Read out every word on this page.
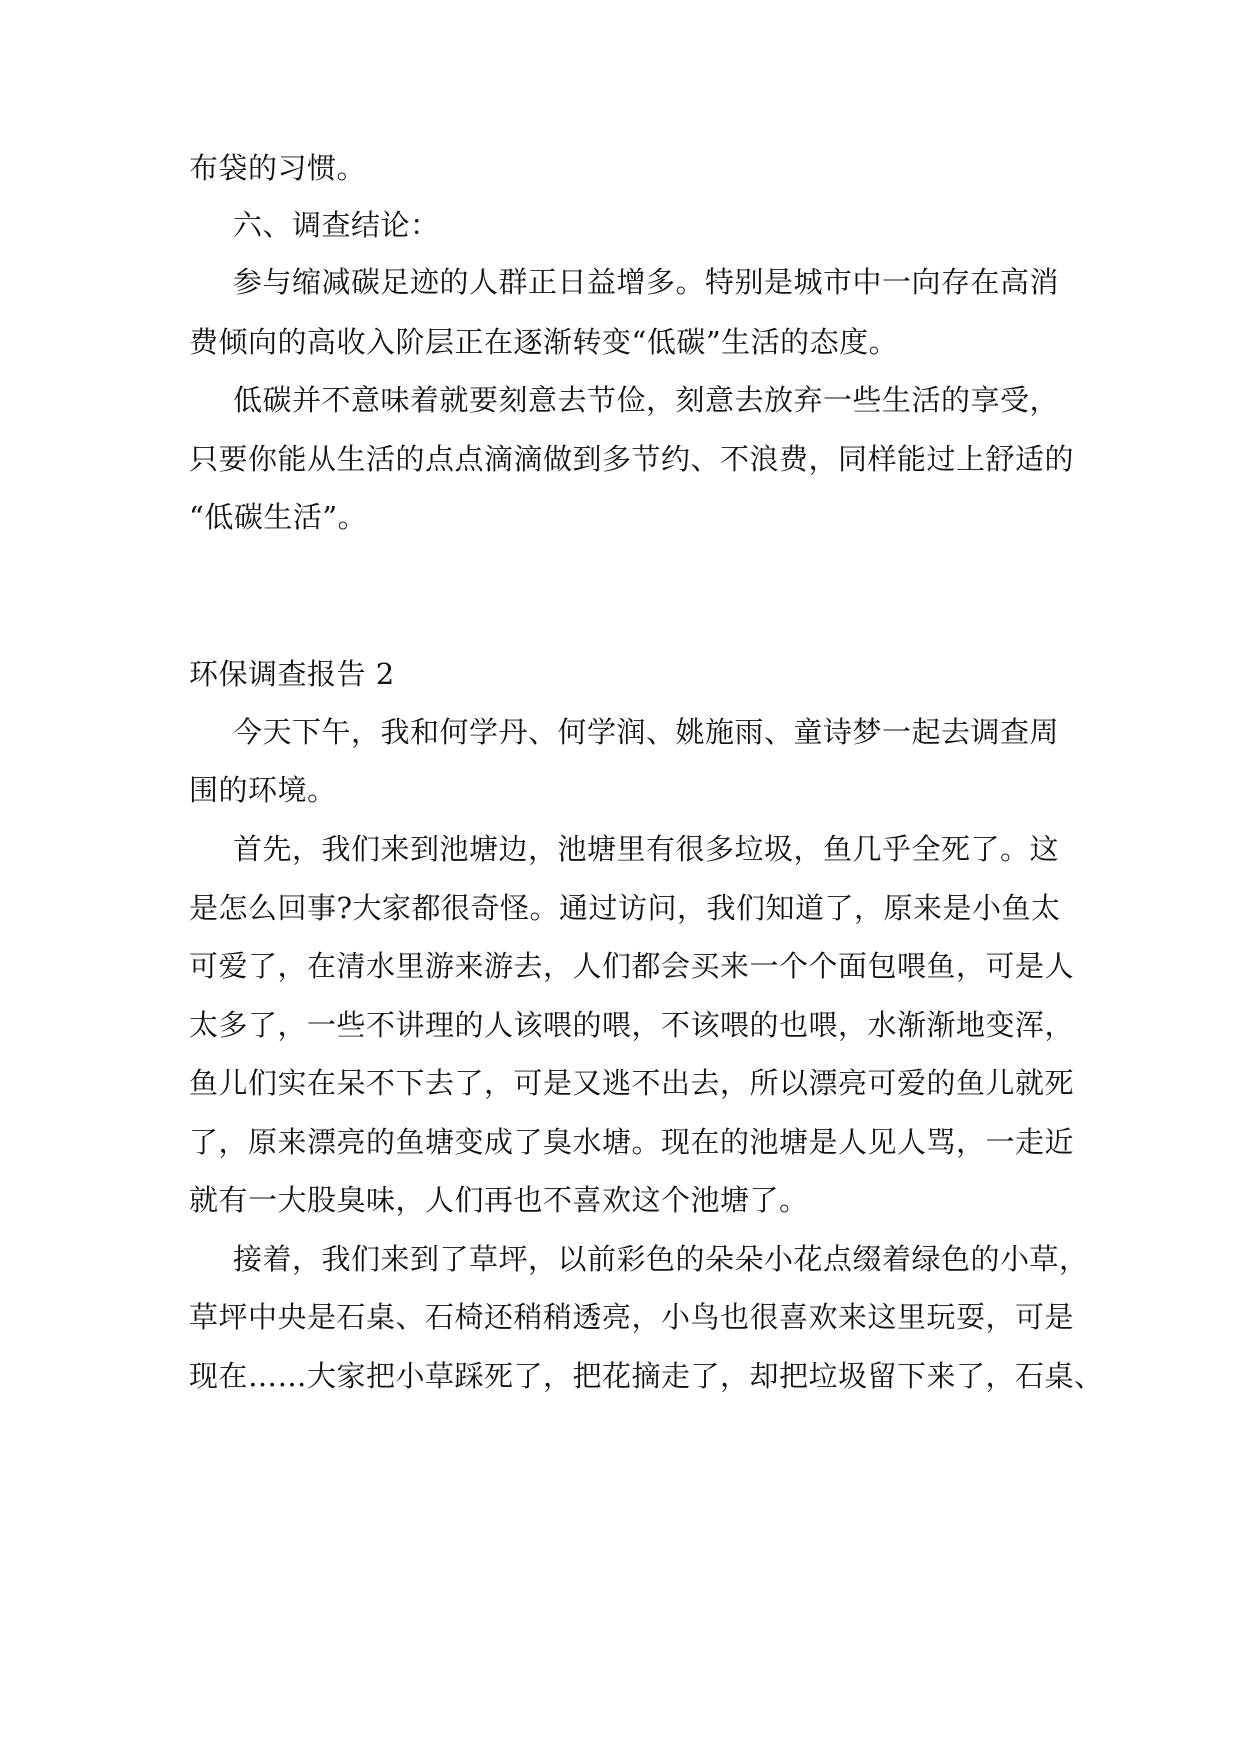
布袋的习惯。
六、调查结论：
参与缩减碳足迹的人群正日益增多。特别是城市中一向存在高消
费倾向的高收入阶层正在逐渐转变“低碳”生活的态度。
低碳并不意味着就要刻意去节俭，刻意去放弃一些生活的享受，
只要你能从生活的点点滴滴做到多节约、不浪费，同样能过上舒适的
“低碳生活”。
环保调查报告 2
今天下午，我和何学丹、何学润、姚施雨、童诗梦一起去调查周
围的环境。
首先，我们来到池塘边，池塘里有很多垃圾，鱼几乎全死了。这
是怎么回事?大家都很奇怪。通过访问，我们知道了，原来是小鱼太
可爱了，在清水里游来游去，人们都会买来一个个面包喂鱼，可是人
太多了，一些不讲理的人该喂的喂，不该喂的也喂，水渐渐地变浑，
鱼儿们实在呆不下去了，可是又逃不出去，所以漂亮可爱的鱼儿就死
了，原来漂亮的鱼塘变成了臭水塘。现在的池塘是人见人骂，一走近
就有一大股臭味，人们再也不喜欢这个池塘了。
接着，我们来到了草坪，以前彩色的朵朵小花点缀着绿色的小草，
草坪中央是石桌、石椅还稍稍透亮，小鸟也很喜欢来这里玩耍，可是
现在……大家把小草踩死了，把花摘走了，却把垃圾留下来了，石桌、
